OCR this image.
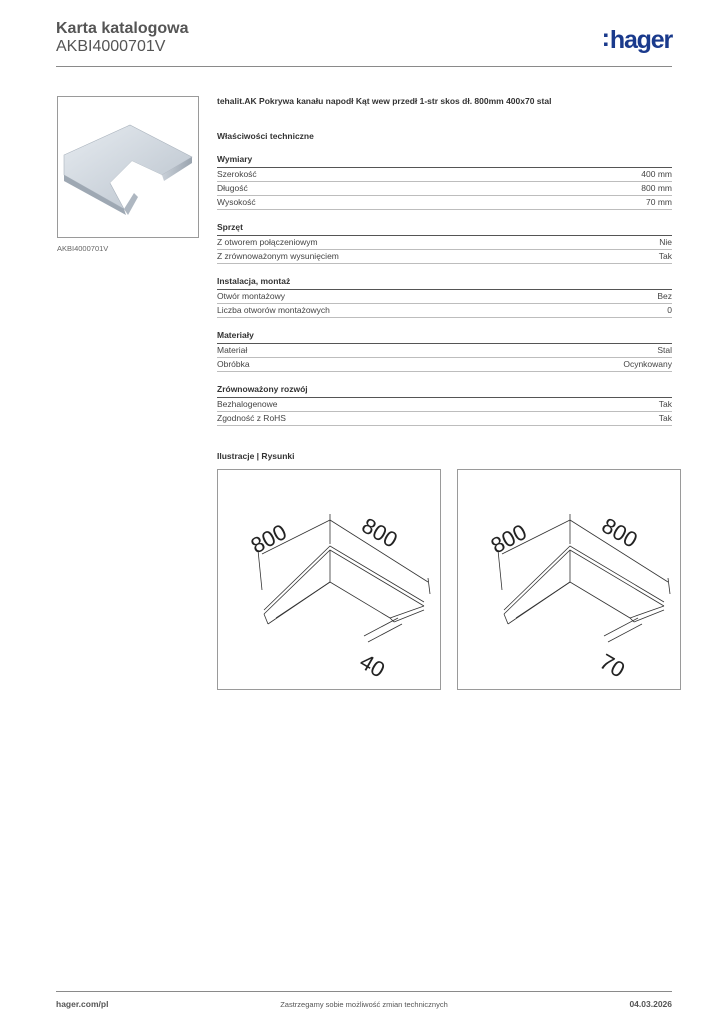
Karta katalogowa
AKBI4000701V	:hager
AKBI4000701V
tehalit.AK Pokrywa kanału napodł Kąt wew przedł 1-str skos dł. 800mm 400x70 stal
Właściwości techniczne
Wymiary
Szerokość	400 mm
Długość	800 mm
Wysokość	70 mm
Sprzęt
Z otworem połączeniowym	Nie
Z zrównoważonym wysunięciem	Tak
Instalacja, montaż
Otwór montażowy	Bez
Liczba otworów montażowych	0
Materiały
Materiał	Stal
Obróbka	Ocynkowany
Zrównoważony rozwój
Bezhalogenowe	Tak
Zgodność z RoHS	Tak
Ilustracje | Rysunki
800	800
40
800	800
70
hager.com/pl	Zastrzegamy sobie możliwość zmian technicznych	04.03.2026
